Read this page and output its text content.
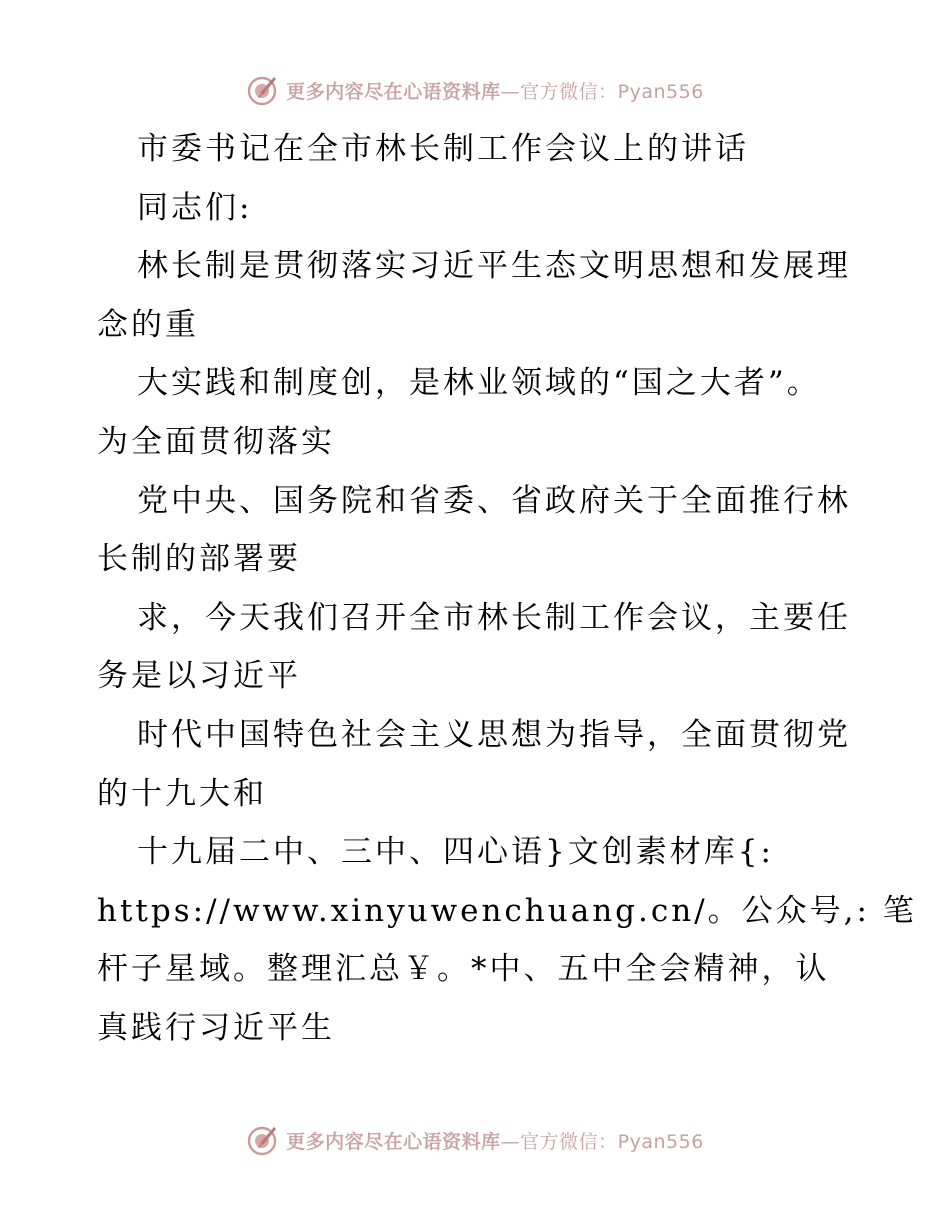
更多内容尽在心语资料库—官方微信：Pyan556
市委书记在全市林长制工作会议上的讲话
同志们:
林长制是贯彻落实习近平生态文明思想和发展理
念的重
大实践和制度创，是林业领域的“国之大者”。
为全面贯彻落实
党中央、国务院和省委、省政府关于全面推行林
长制的部署要
求，今天我们召开全市林长制工作会议，主要任
务是以习近平
时代中国特色社会主义思想为指导，全面贯彻党
的十九大和
十九届二中、三中、四心语}文创素材库{:
https://www.xinyuwenchuang.cn/。公众号,: 笔
杆子星域。整理汇总￥。*中、五中全会精神，认
真践行习近平生
更多内容尽在心语资料库—官方微信：Pyan556
